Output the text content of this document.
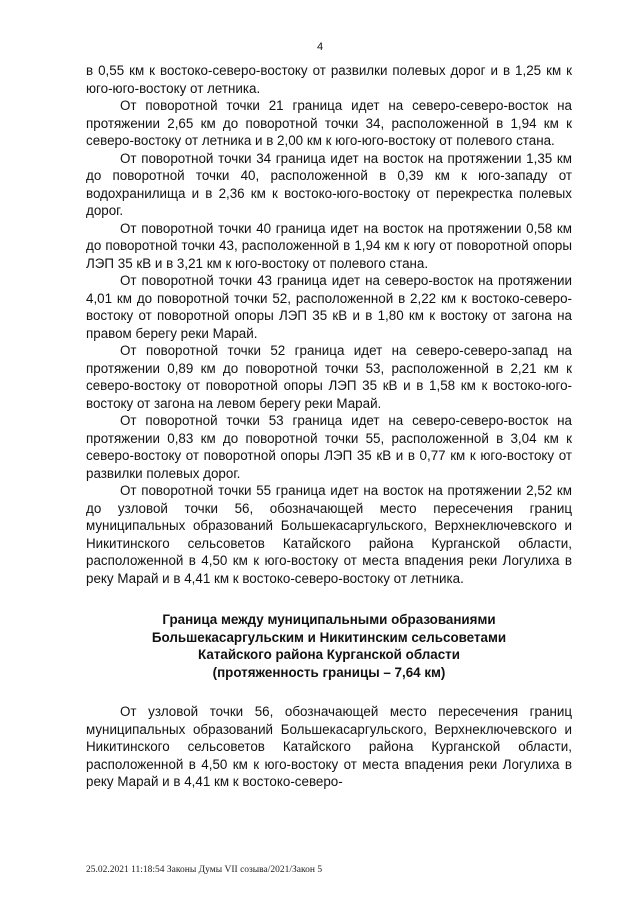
4

в 0,55 км к востоко-северо-востоку от развилки полевых дорог и в 1,25 км к юго-юго-востоку от летника.

От поворотной точки 21 граница идет на северо-северо-восток на протяжении 2,65 км до поворотной точки 34, расположенной в 1,94 км к северо-востоку от летника и в 2,00 км к юго-юго-востоку от полевого стана.

От поворотной точки 34 граница идет на восток на протяжении 1,35 км до поворотной точки 40, расположенной в 0,39 км к юго-западу от водохранилища и в 2,36 км к востоко-юго-востоку от перекрестка полевых дорог.

От поворотной точки 40 граница идет на восток на протяжении 0,58 км до поворотной точки 43, расположенной в 1,94 км к югу от поворотной опоры ЛЭП 35 кВ и в 3,21 км к юго-востоку от полевого стана.

От поворотной точки 43 граница идет на северо-восток на протяжении 4,01 км до поворотной точки 52, расположенной в 2,22 км к востоко-северо-востоку от поворотной опоры ЛЭП 35 кВ и в 1,80 км к востоку от загона на правом берегу реки Марай.

От поворотной точки 52 граница идет на северо-северо-запад на протяжении 0,89 км до поворотной точки 53, расположенной в 2,21 км к северо-востоку от поворотной опоры ЛЭП 35 кВ и в 1,58 км к востоко-юго-востоку от загона на левом берегу реки Марай.

От поворотной точки 53 граница идет на северо-северо-восток на протяжении 0,83 км до поворотной точки 55, расположенной в 3,04 км к северо-востоку от поворотной опоры ЛЭП 35 кВ и в 0,77 км к юго-востоку от развилки полевых дорог.

От поворотной точки 55 граница идет на восток на протяжении 2,52 км до узловой точки 56, обозначающей место пересечения границ муниципальных образований Большекасаргульского, Верхнеключевского и Никитинского сельсоветов Катайского района Курганской области, расположенной в 4,50 км к юго-востоку от места впадения реки Логулиха в реку Марай и в 4,41 км к востоко-северо-востоку от летника.

Граница между муниципальными образованиями
Большекасаргульским и Никитинским сельсоветами
Катайского района Курганской области
(протяженность границы – 7,64 км)

От узловой точки 56, обозначающей место пересечения границ муниципальных образований Большекасаргульского, Верхнеключевского и Никитинского сельсоветов Катайского района Курганской области, расположенной в 4,50 км к юго-востоку от места впадения реки Логулиха в реку Марай и в 4,41 км к востоко-северо-

25.02.2021 11:18:54 Законы Думы VII созыва/2021/Закон 5
